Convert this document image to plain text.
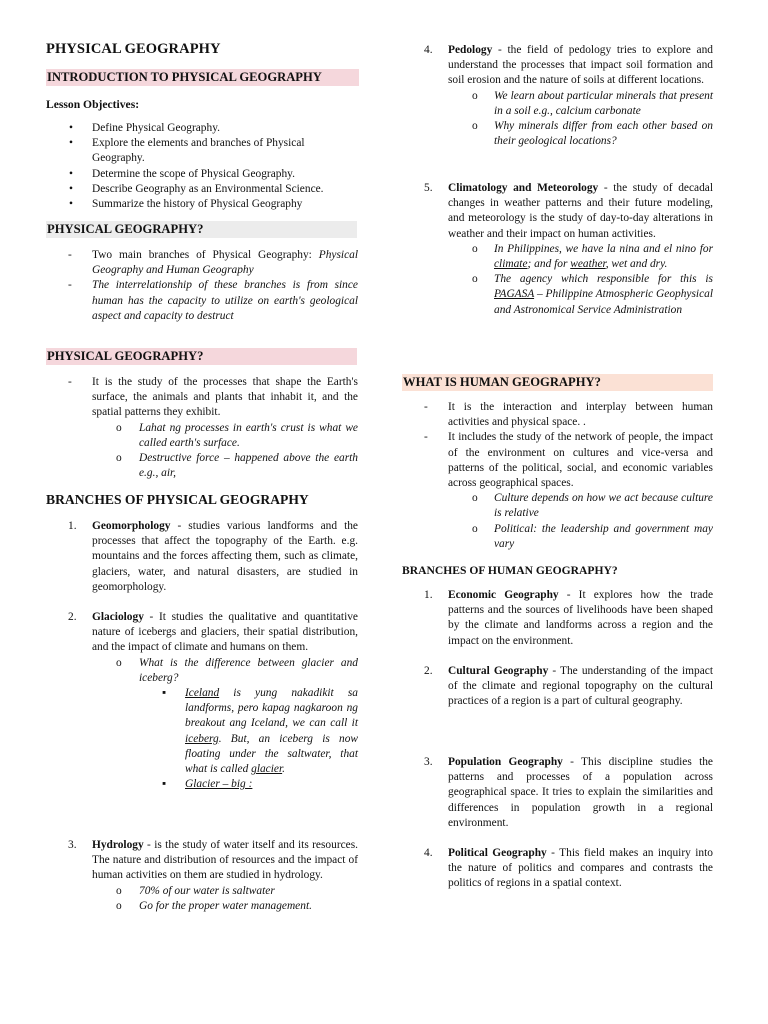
PHYSICAL GEOGRAPHY
INTRODUCTION TO PHYSICAL GEOGRAPHY
Lesson Objectives:
• Define Physical Geography.
• Explore the elements and branches of Physical Geography.
• Determine the scope of Physical Geography.
• Describe Geography as an Environmental Science.
• Summarize the history of Physical Geography
PHYSICAL GEOGRAPHY?
- Two main branches of Physical Geography: Physical Geography and Human Geography
- The interrelationship of these branches is from since human has the capacity to utilize on earth's geological aspect and capacity to destruct
PHYSICAL GEOGRAPHY?
- It is the study of the processes that shape the Earth's surface, the animals and plants that inhabit it, and the spatial patterns they exhibit.
o Lahat ng processes in earth's crust is what we called earth's surface.
o Destructive force – happened above the earth e.g., air,
BRANCHES OF PHYSICAL GEOGRAPHY
1. Geomorphology - studies various landforms and the processes that affect the topography of the Earth. e.g. mountains and the forces affecting them, such as climate, glaciers, water, and natural disasters, are studied in geomorphology.
2. Glaciology - It studies the qualitative and quantitative nature of icebergs and glaciers, their spatial distribution, and the impact of climate and humans on them.
o What is the difference between glacier and iceberg?
▪ Iceland is yung nakadikit sa landforms, pero kapag nagkaroon ng breakout ang Iceland, we can call it iceberg. But, an iceberg is now floating under the saltwater, that what is called glacier.
▪ Glacier – big :
3. Hydrology - is the study of water itself and its resources. The nature and distribution of resources and the impact of human activities on them are studied in hydrology.
o 70% of our water is saltwater
o Go for the proper water management.
4. Pedology - the field of pedology tries to explore and understand the processes that impact soil formation and soil erosion and the nature of soils at different locations.
o We learn about particular minerals that present in a soil e.g., calcium carbonate
o Why minerals differ from each other based on their geological locations?
5. Climatology and Meteorology - the study of decadal changes in weather patterns and their future modeling, and meteorology is the study of day-to-day alterations in weather and their impact on human activities.
o In Philippines, we have la nina and el nino for climate; and for weather, wet and dry.
o The agency which responsible for this is PAGASA – Philippine Atmospheric Geophysical and Astronomical Service Administration
WHAT IS HUMAN GEOGRAPHY?
- It is the interaction and interplay between human activities and physical space. .
- It includes the study of the network of people, the impact of the environment on cultures and vice-versa and patterns of the political, social, and economic variables across geographical spaces.
o Culture depends on how we act because culture is relative
o Political: the leadership and government may vary
BRANCHES OF HUMAN GEOGRAPHY?
1. Economic Geography - It explores how the trade patterns and the sources of livelihoods have been shaped by the climate and landforms across a region and the impact on the environment.
2. Cultural Geography - The understanding of the impact of the climate and regional topography on the cultural practices of a region is a part of cultural geography.
3. Population Geography - This discipline studies the patterns and processes of a population across geographical space. It tries to explain the similarities and differences in population growth in a regional environment.
4. Political Geography - This field makes an inquiry into the nature of politics and compares and contrasts the politics of regions in a spatial context.
